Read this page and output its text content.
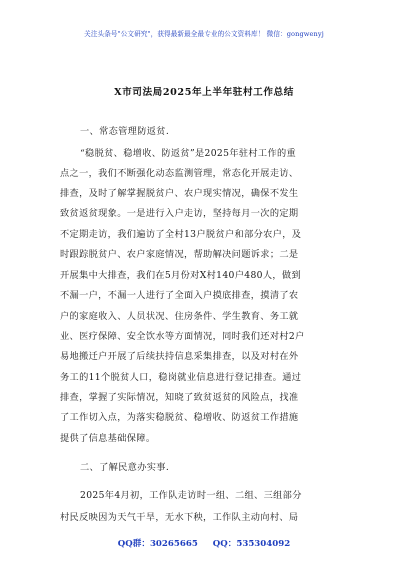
关注头条号"公文研究"，获得最新最全最专业的公文资料库！ 微信：gongwenyj
X市司法局2025年上半年驻村工作总结
一、常态管理防返贫.
“稳脱贫、稳增收、防返贫”是2025年驻村工作的重
点之一，我们不断强化动态监测管理，常态化开展走访、
排查，及时了解掌握脱贫户、农户现实情况，确保不发生
致贫返贫现象。一是进行入户走访，坚持每月一次的定期
不定期走访，我们遍访了全村13户脱贫户和部分农户，及
时跟踪脱贫户、农户家庭情况，帮助解决问题诉求；二是
开展集中大排查，我们在5月份对X村140户480人，做到
不漏一户，不漏一人进行了全面入户摸底排查，摸清了农
户的家庭收入、人员状况、住房条件、学生教育、务工就
业、医疗保障、安全饮水等方面情况，同时我们还对村2户
易地搬迁户开展了后续扶持信息采集排查，以及对村在外
务工的11个脱贫人口，稳岗就业信息进行登记排查。通过
排查，掌握了实际情况，知晓了致贫返贫的风险点，找准
了工作切入点，为落实稳脱贫、稳增收、防返贫工作措施
提供了信息基础保障。
二、了解民意办实事.
2025年4月初，工作队走访时一组、二组、三组部分
村民反映因为天气干旱，无水下秧，工作队主动向村、局
QQ群：30265665 QQ：535304092
